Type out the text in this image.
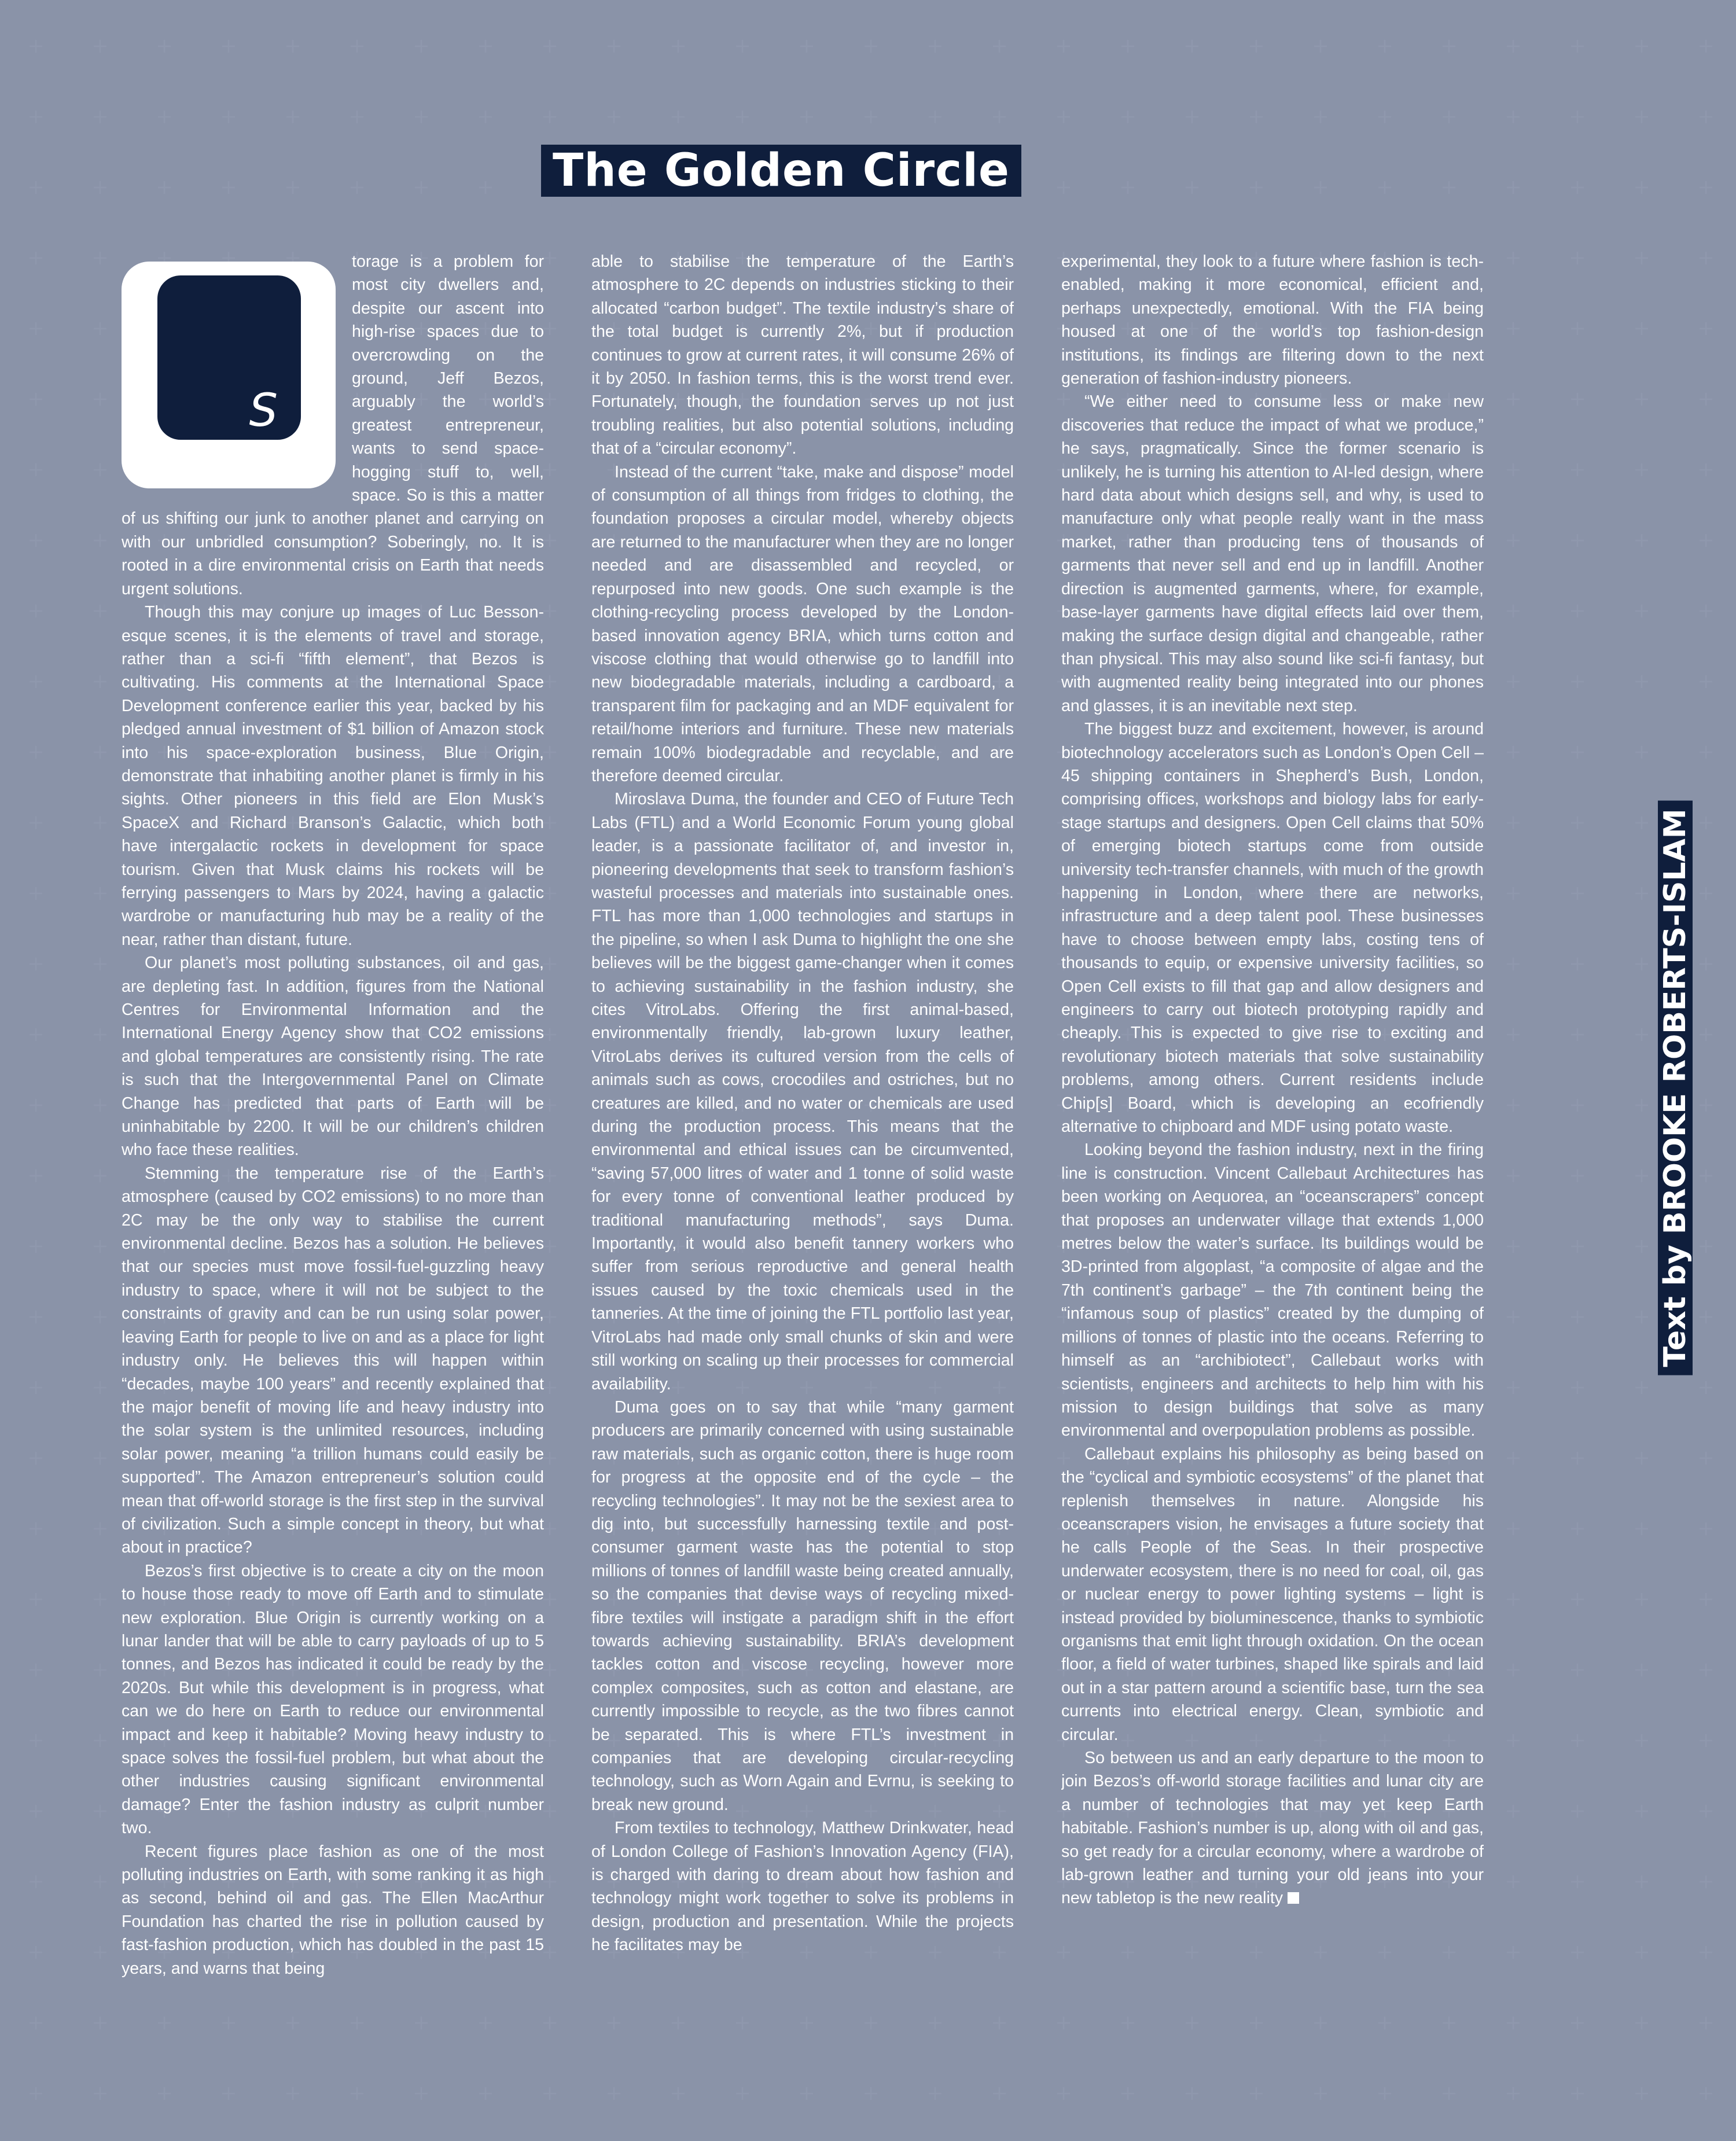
The Golden Circle
S

torage is a problem for most city dwellers and, despite our ascent into high-rise spaces due to overcrowding on the ground, Jeff Bezos, arguably the world’s greatest entrepreneur, wants to send space-hogging stuff to, well, space. So is this a matter of us shifting our junk to another planet and carrying on with our unbridled consumption? Soberingly, no. It is rooted in a dire environmental crisis on Earth that needs urgent solutions.

Though this may conjure up images of Luc Besson-esque scenes, it is the elements of travel and storage, rather than a sci-fi “fifth element”, that Bezos is cultivating. His comments at the International Space Development conference earlier this year, backed by his pledged annual investment of $1 billion of Amazon stock into his space-exploration business, Blue Origin, demonstrate that inhabiting another planet is firmly in his sights. Other pioneers in this field are Elon Musk’s SpaceX and Richard Branson’s Galactic, which both have intergalactic rockets in development for space tourism. Given that Musk claims his rockets will be ferrying passengers to Mars by 2024, having a galactic wardrobe or manufacturing hub may be a reality of the near, rather than distant, future.

Our planet’s most polluting substances, oil and gas, are depleting fast. In addition, figures from the National Centres for Environmental Information and the International Energy Agency show that CO2 emissions and global temperatures are consistently rising. The rate is such that the Intergovernmental Panel on Climate Change has predicted that parts of Earth will be uninhabitable by 2200. It will be our children’s children who face these realities.

Stemming the temperature rise of the Earth’s atmosphere (caused by CO2 emissions) to no more than 2C may be the only way to stabilise the current environmental decline. Bezos has a solution. He believes that our species must move fossil-fuel-guzzling heavy industry to space, where it will not be subject to the constraints of gravity and can be run using solar power, leaving Earth for people to live on and as a place for light industry only. He believes this will happen within “decades, maybe 100 years” and recently explained that the major benefit of moving life and heavy industry into the solar system is the unlimited resources, including solar power, meaning “a trillion humans could easily be supported”. The Amazon entrepreneur’s solution could mean that off-world storage is the first step in the survival of civilization. Such a simple concept in theory, but what about in practice?

Bezos’s first objective is to create a city on the moon to house those ready to move off Earth and to stimulate new exploration. Blue Origin is currently working on a lunar lander that will be able to carry payloads of up to 5 tonnes, and Bezos has indicated it could be ready by the 2020s. But while this development is in progress, what can we do here on Earth to reduce our environmental impact and keep it habitable? Moving heavy industry to space solves the fossil-fuel problem, but what about the other industries causing significant environmental damage? Enter the fashion industry as culprit number two.

Recent figures place fashion as one of the most polluting industries on Earth, with some ranking it as high as second, behind oil and gas. The Ellen MacArthur Foundation has charted the rise in pollution caused by fast-fashion production, which has doubled in the past 15 years, and warns that being

able to stabilise the temperature of the Earth’s atmosphere to 2C depends on industries sticking to their allocated “carbon budget”. The textile industry’s share of the total budget is currently 2%, but if production continues to grow at current rates, it will consume 26% of it by 2050. In fashion terms, this is the worst trend ever. Fortunately, though, the foundation serves up not just troubling realities, but also potential solutions, including that of a “circular economy”.

Instead of the current “take, make and dispose” model of consumption of all things from fridges to clothing, the foundation proposes a circular model, whereby objects are returned to the manufacturer when they are no longer needed and are disassembled and recycled, or repurposed into new goods. One such example is the clothing-recycling process developed by the London-based innovation agency BRIA, which turns cotton and viscose clothing that would otherwise go to landfill into new biodegradable materials, including a cardboard, a transparent film for packaging and an MDF equivalent for retail/home interiors and furniture. These new materials remain 100% biodegradable and recyclable, and are therefore deemed circular.

Miroslava Duma, the founder and CEO of Future Tech Labs (FTL) and a World Economic Forum young global leader, is a passionate facilitator of, and investor in, pioneering developments that seek to transform fashion’s wasteful processes and materials into sustainable ones. FTL has more than 1,000 technologies and startups in the pipeline, so when I ask Duma to highlight the one she believes will be the biggest game-changer when it comes to achieving sustainability in the fashion industry, she cites VitroLabs. Offering the first animal-based, environmentally friendly, lab-grown luxury leather, VitroLabs derives its cultured version from the cells of animals such as cows, crocodiles and ostriches, but no creatures are killed, and no water or chemicals are used during the production process. This means that the environmental and ethical issues can be circumvented, “saving 57,000 litres of water and 1 tonne of solid waste for every tonne of conventional leather produced by traditional manufacturing methods”, says Duma. Importantly, it would also benefit tannery workers who suffer from serious reproductive and general health issues caused by the toxic chemicals used in the tanneries. At the time of joining the FTL portfolio last year, VitroLabs had made only small chunks of skin and were still working on scaling up their processes for commercial availability.

Duma goes on to say that while “many garment producers are primarily concerned with using sustainable raw materials, such as organic cotton, there is huge room for progress at the opposite end of the cycle – the recycling technologies”. It may not be the sexiest area to dig into, but successfully harnessing textile and post-consumer garment waste has the potential to stop millions of tonnes of landfill waste being created annually, so the companies that devise ways of recycling mixed-fibre textiles will instigate a paradigm shift in the effort towards achieving sustainability. BRIA’s development tackles cotton and viscose recycling, however more complex composites, such as cotton and elastane, are currently impossible to recycle, as the two fibres cannot be separated. This is where FTL’s investment in companies that are developing circular-recycling technology, such as Worn Again and Evrnu, is seeking to break new ground.

From textiles to technology, Matthew Drinkwater, head of London College of Fashion’s Innovation Agency (FIA), is charged with daring to dream about how fashion and technology might work together to solve its problems in design, production and presentation. While the projects he facilitates may be

experimental, they look to a future where fashion is tech-enabled, making it more economical, efficient and, perhaps unexpectedly, emotional. With the FIA being housed at one of the world’s top fashion-design institutions, its findings are filtering down to the next generation of fashion-industry pioneers.

“We either need to consume less or make new discoveries that reduce the impact of what we produce,” he says, pragmatically. Since the former scenario is unlikely, he is turning his attention to AI-led design, where hard data about which designs sell, and why, is used to manufacture only what people really want in the mass market, rather than producing tens of thousands of garments that never sell and end up in landfill. Another direction is augmented garments, where, for example, base-layer garments have digital effects laid over them, making the surface design digital and changeable, rather than physical. This may also sound like sci-fi fantasy, but with augmented reality being integrated into our phones and glasses, it is an inevitable next step.

The biggest buzz and excitement, however, is around biotechnology accelerators such as London’s Open Cell – 45 shipping containers in Shepherd’s Bush, London, comprising offices, workshops and biology labs for early-stage startups and designers. Open Cell claims that 50% of emerging biotech startups come from outside university tech-transfer channels, with much of the growth happening in London, where there are networks, infrastructure and a deep talent pool. These businesses have to choose between empty labs, costing tens of thousands to equip, or expensive university facilities, so Open Cell exists to fill that gap and allow designers and engineers to carry out biotech prototyping rapidly and cheaply. This is expected to give rise to exciting and revolutionary biotech materials that solve sustainability problems, among others. Current residents include Chip[s] Board, which is developing an ecofriendly alternative to chipboard and MDF using potato waste.

Looking beyond the fashion industry, next in the firing line is construction. Vincent Callebaut Architectures has been working on Aequorea, an “oceanscrapers” concept that proposes an underwater village that extends 1,000 metres below the water’s surface. Its buildings would be 3D-printed from algoplast, “a composite of algae and the 7th continent’s garbage” – the 7th continent being the “infamous soup of plastics” created by the dumping of millions of tonnes of plastic into the oceans. Referring to himself as an “archibiotect”, Callebaut works with scientists, engineers and architects to help him with his mission to design buildings that solve as many environmental and overpopulation problems as possible.

Callebaut explains his philosophy as being based on the “cyclical and symbiotic ecosystems” of the planet that replenish themselves in nature. Alongside his oceanscrapers vision, he envisages a future society that he calls People of the Seas. In their prospective underwater ecosystem, there is no need for coal, oil, gas or nuclear energy to power lighting systems – light is instead provided by bioluminescence, thanks to symbiotic organisms that emit light through oxidation. On the ocean floor, a field of water turbines, shaped like spirals and laid out in a star pattern around a scientific base, turn the sea currents into electrical energy. Clean, symbiotic and circular.

So between us and an early departure to the moon to join Bezos’s off-world storage facilities and lunar city are a number of technologies that may yet keep Earth habitable. Fashion’s number is up, along with oil and gas, so get ready for a circular economy, where a wardrobe of lab-grown leather and turning your old jeans into your new tabletop is the new reality

Text by BROOKE ROBERTS-ISLAM
